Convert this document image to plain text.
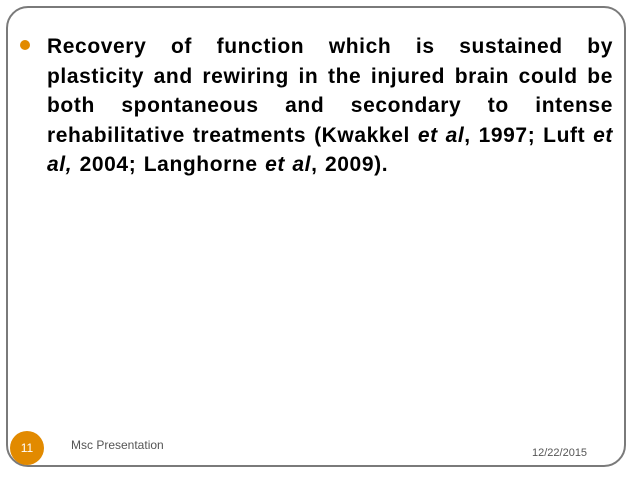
Recovery of function which is sustained by plasticity and rewiring in the injured brain could be both spontaneous and secondary to intense rehabilitative treatments (Kwakkel et al, 1997; Luft et al, 2004; Langhorne et al, 2009).
11	Msc Presentation
12/22/2015
